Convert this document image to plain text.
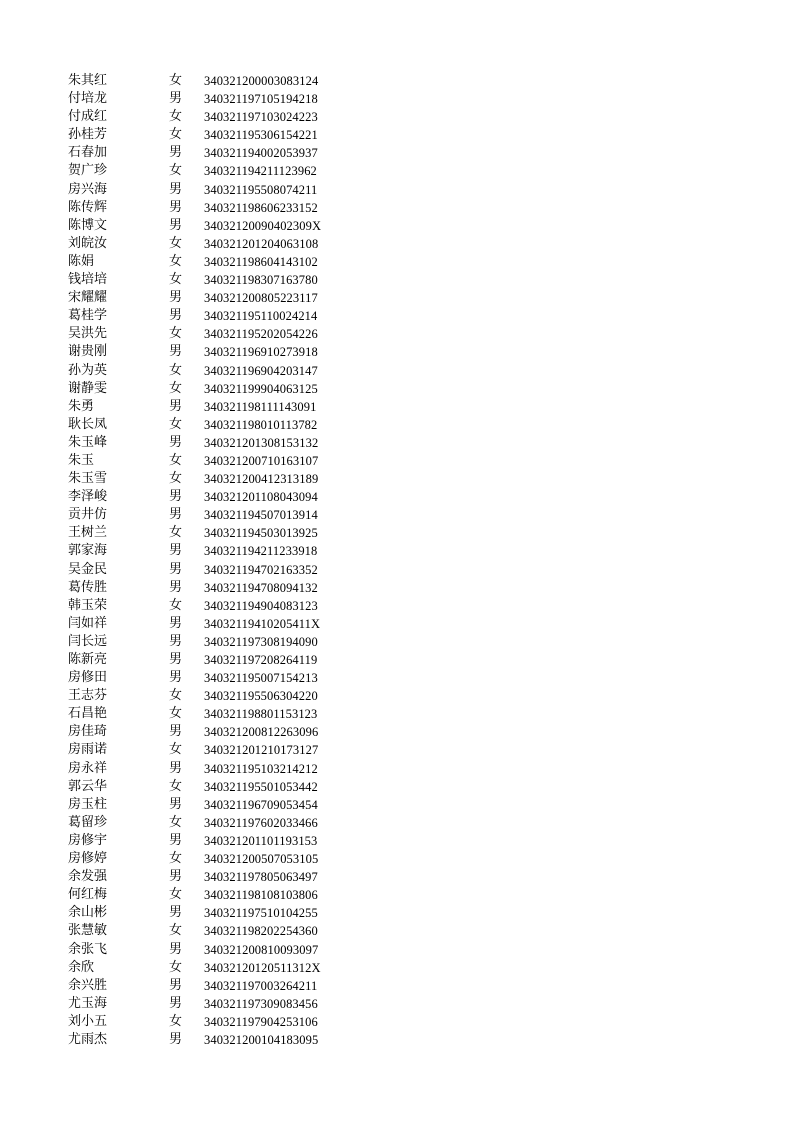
朱其红	女 340321200003083124
付培龙	男 340321197105194218
付成红	女 340321197103024223
孙桂芳	女 340321195306154221
石春加	男 340321194002053937
贺广珍	女 340321194211123962
房兴海	男 340321195508074211
陈传辉	男 340321198606233152
陈博文	男 34032120090402309X
刘皖汝	女 340321201204063108
陈娟	女 340321198604143102
钱培培	女 340321198307163780
宋耀耀	男 340321200805223117
葛桂学	男 340321195110024214
吴洪先	女 340321195202054226
谢贵刚	男 340321196910273918
孙为英	女 340321196904203147
谢静雯	女 340321199904063125
朱勇	男 340321198111143091
耿长凤	女 340321198010113782
朱玉峰	男 340321201308153132
朱玉	女 340321200710163107
朱玉雪	女 340321200412313189
李泽峻	男 340321201108043094
贡井仿	男 340321194507013914
王树兰	女 340321194503013925
郭家海	男 340321194211233918
吴金民	男 340321194702163352
葛传胜	男 340321194708094132
韩玉荣	女 340321194904083123
闫如祥	男 34032119410205411X
闫长远	男 340321197308194090
陈新亮	男 340321197208264119
房修田	男 340321195007154213
王志芬	女 340321195506304220
石昌艳	女 340321198801153123
房佳琦	男 340321200812263096
房雨诺	女 340321201210173127
房永祥	男 340321195103214212
郭云华	女 340321195501053442
房玉柱	男 340321196709053454
葛留珍	女 340321197602033466
房修宇	男 340321201101193153
房修婷	女 340321200507053105
余发强	男 340321197805063497
何红梅	女 340321198108103806
余山彬	男 340321197510104255
张慧敏	女 340321198202254360
余张飞	男 340321200810093097
余欣	女 34032120120511312X
余兴胜	男 340321197003264211
尤玉海	男 340321197309083456
刘小五	女 340321197904253106
尤雨杰	男 340321200104183095
